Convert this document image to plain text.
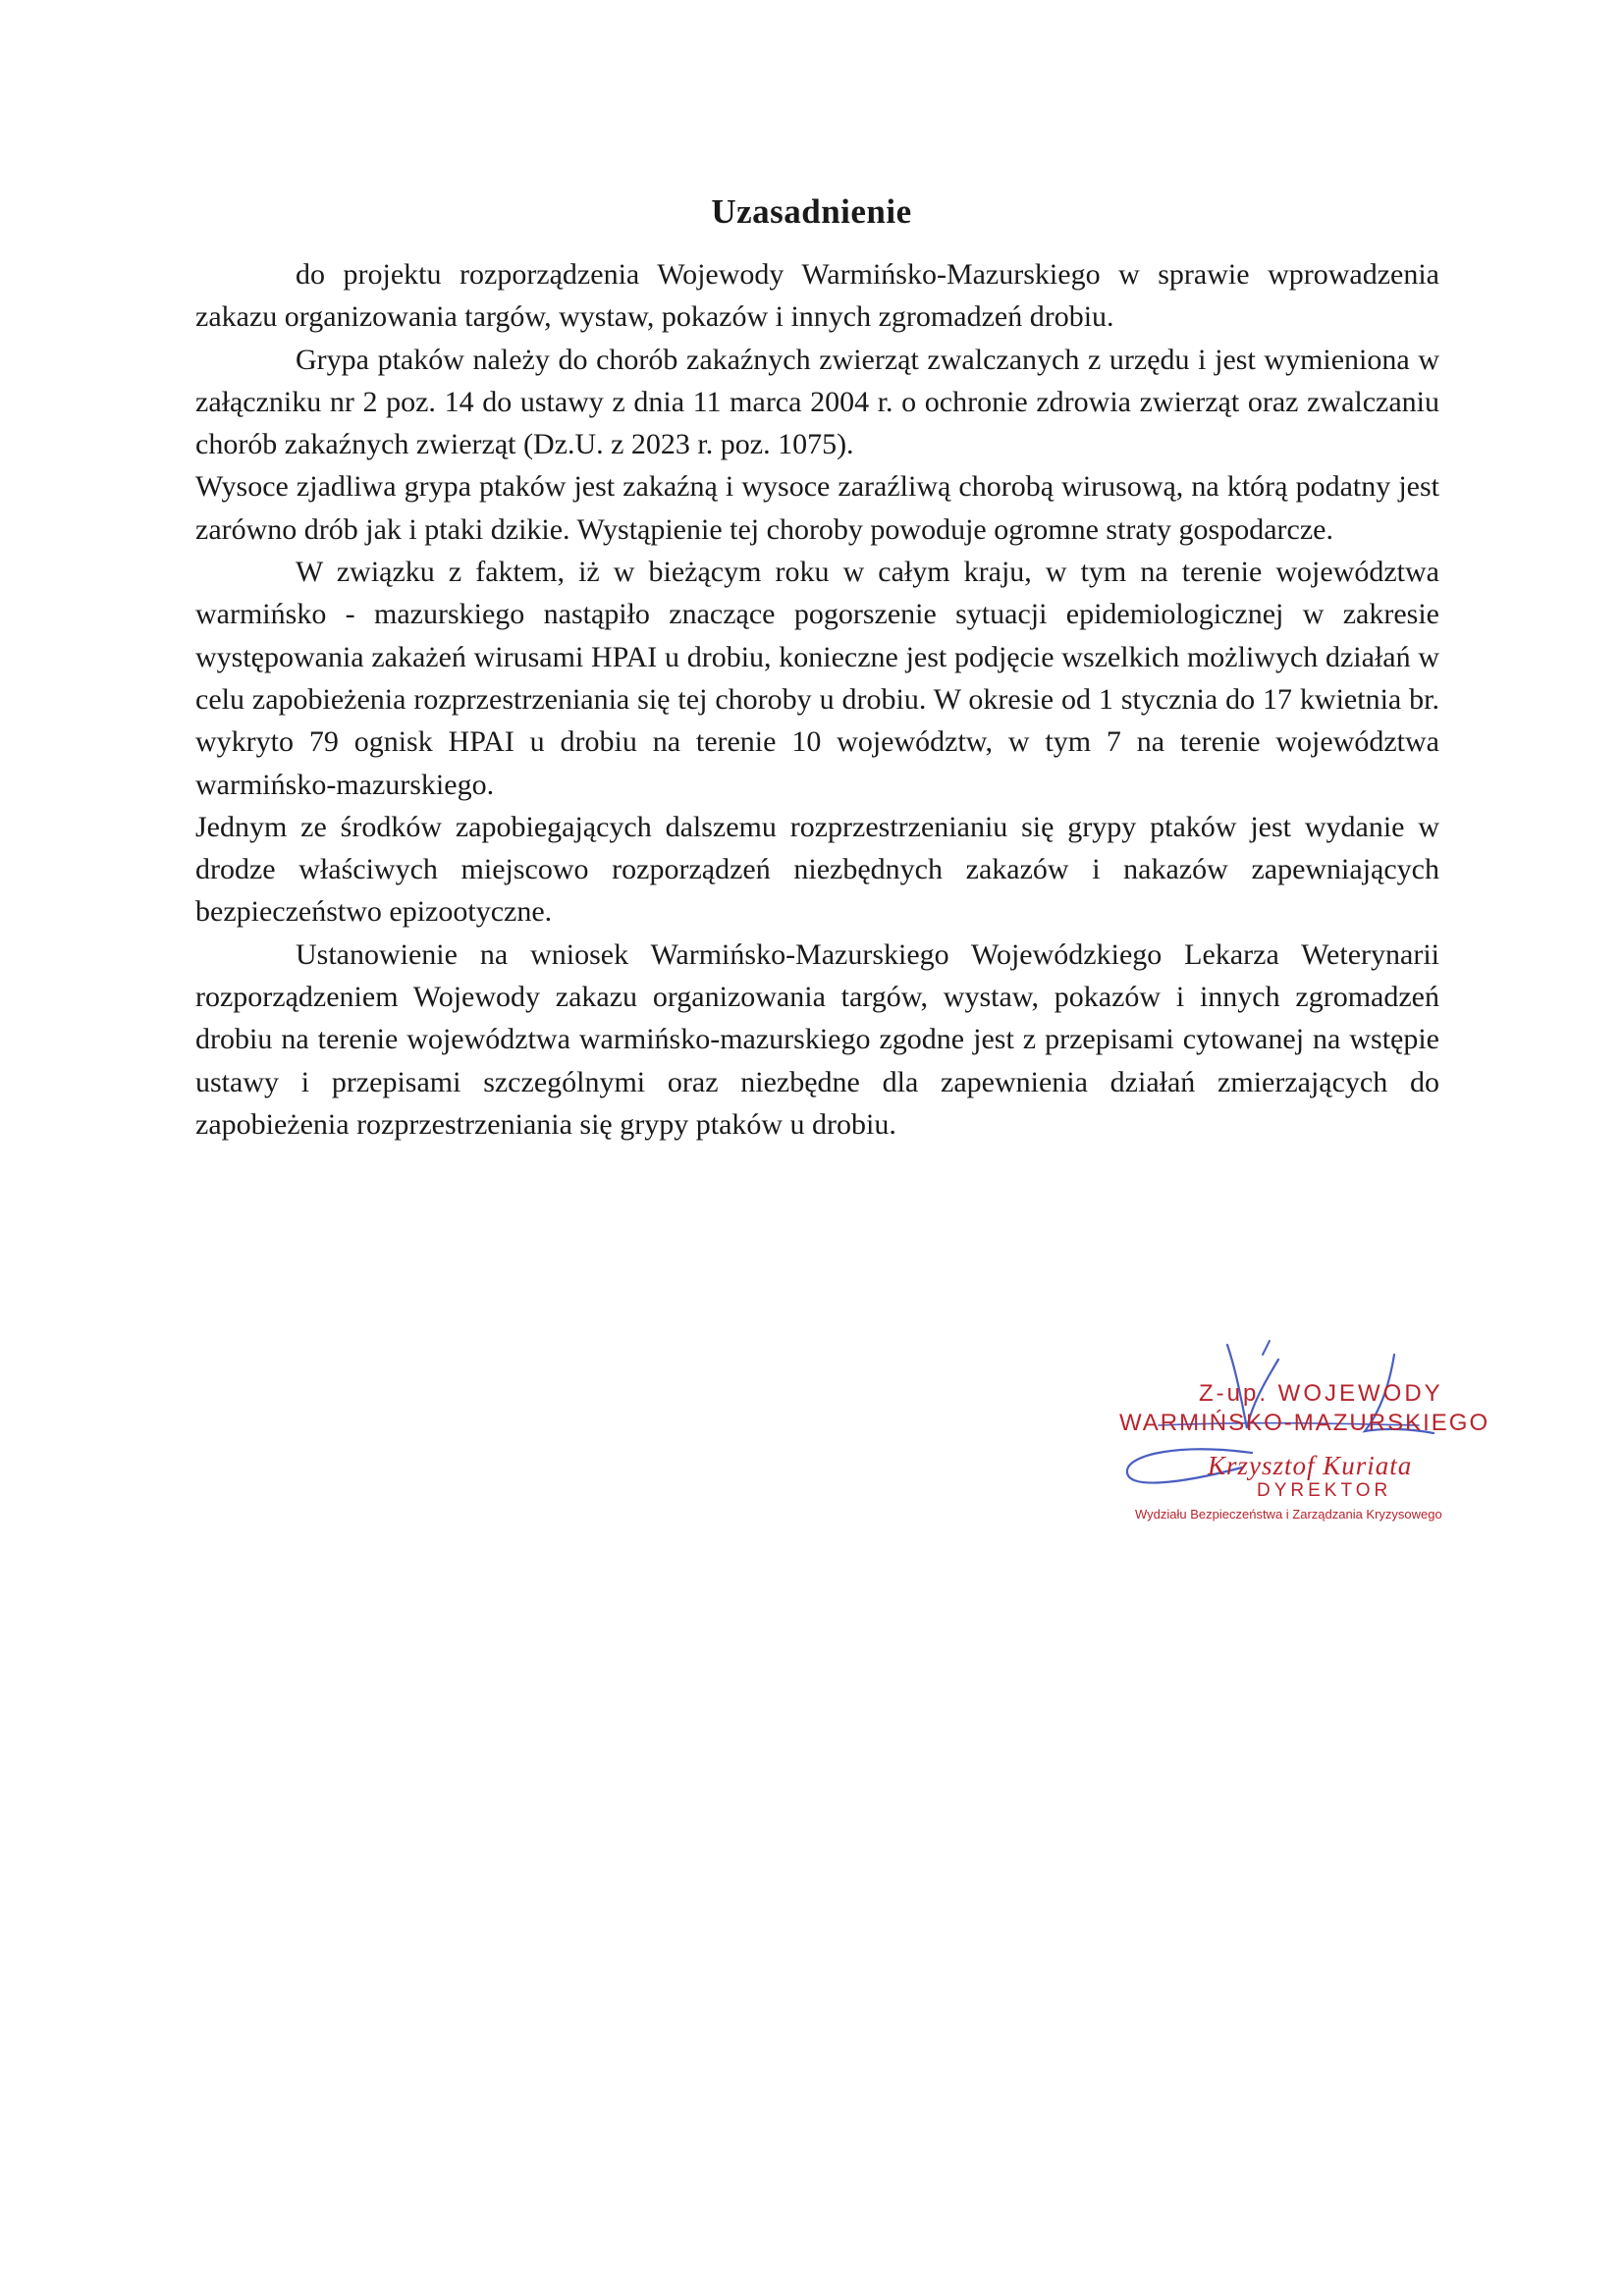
Uzasadnienie

do projektu rozporządzenia Wojewody Warmińsko-Mazurskiego w sprawie wprowadzenia zakazu organizowania targów, wystaw, pokazów i innych zgromadzeń drobiu.

Grypa ptaków należy do chorób zakaźnych zwierząt zwalczanych z urzędu i jest wymieniona w załączniku nr 2 poz. 14 do ustawy z dnia 11 marca 2004 r. o ochronie zdrowia zwierząt oraz zwalczaniu chorób zakaźnych zwierząt (Dz.U. z 2023 r. poz. 1075).

Wysoce zjadliwa grypa ptaków jest zakaźną i wysoce zaraźliwą chorobą wirusową, na którą podatny jest zarówno drób jak i ptaki dzikie. Wystąpienie tej choroby powoduje ogromne straty gospodarcze.

W związku z faktem, iż w bieżącym roku w całym kraju, w tym na terenie województwa warmińsko - mazurskiego nastąpiło znaczące pogorszenie sytuacji epidemiologicznej w zakresie występowania zakażeń wirusami HPAI u drobiu, konieczne jest podjęcie wszelkich możliwych działań w celu zapobieżenia rozprzestrzeniania się tej choroby u drobiu. W okresie od 1 stycznia do 17 kwietnia br. wykryto 79 ognisk HPAI u drobiu na terenie 10 województw, w tym 7 na terenie województwa warmińsko-mazurskiego.

Jednym ze środków zapobiegających dalszemu rozprzestrzenianiu się grypy ptaków jest wydanie w drodze właściwych miejscowo rozporządzeń niezbędnych zakazów i nakazów zapewniających bezpieczeństwo epizootyczne.

Ustanowienie na wniosek Warmińsko-Mazurskiego Wojewódzkiego Lekarza Weterynarii rozporządzeniem Wojewody zakazu organizowania targów, wystaw, pokazów i innych zgromadzeń drobiu na terenie województwa warmińsko-mazurskiego zgodne jest z przepisami cytowanej na wstępie ustawy i przepisami szczególnymi oraz niezbędne dla zapewnienia działań zmierzających do zapobieżenia rozprzestrzeniania się grypy ptaków u drobiu.

Z-up. WOJEWODY
WARMIŃSKO-MAZURSKIEGO
Krzysztof Kuriata
DYREKTOR
Wydziału Bezpieczeństwa i Zarządzania Kryzysowego
